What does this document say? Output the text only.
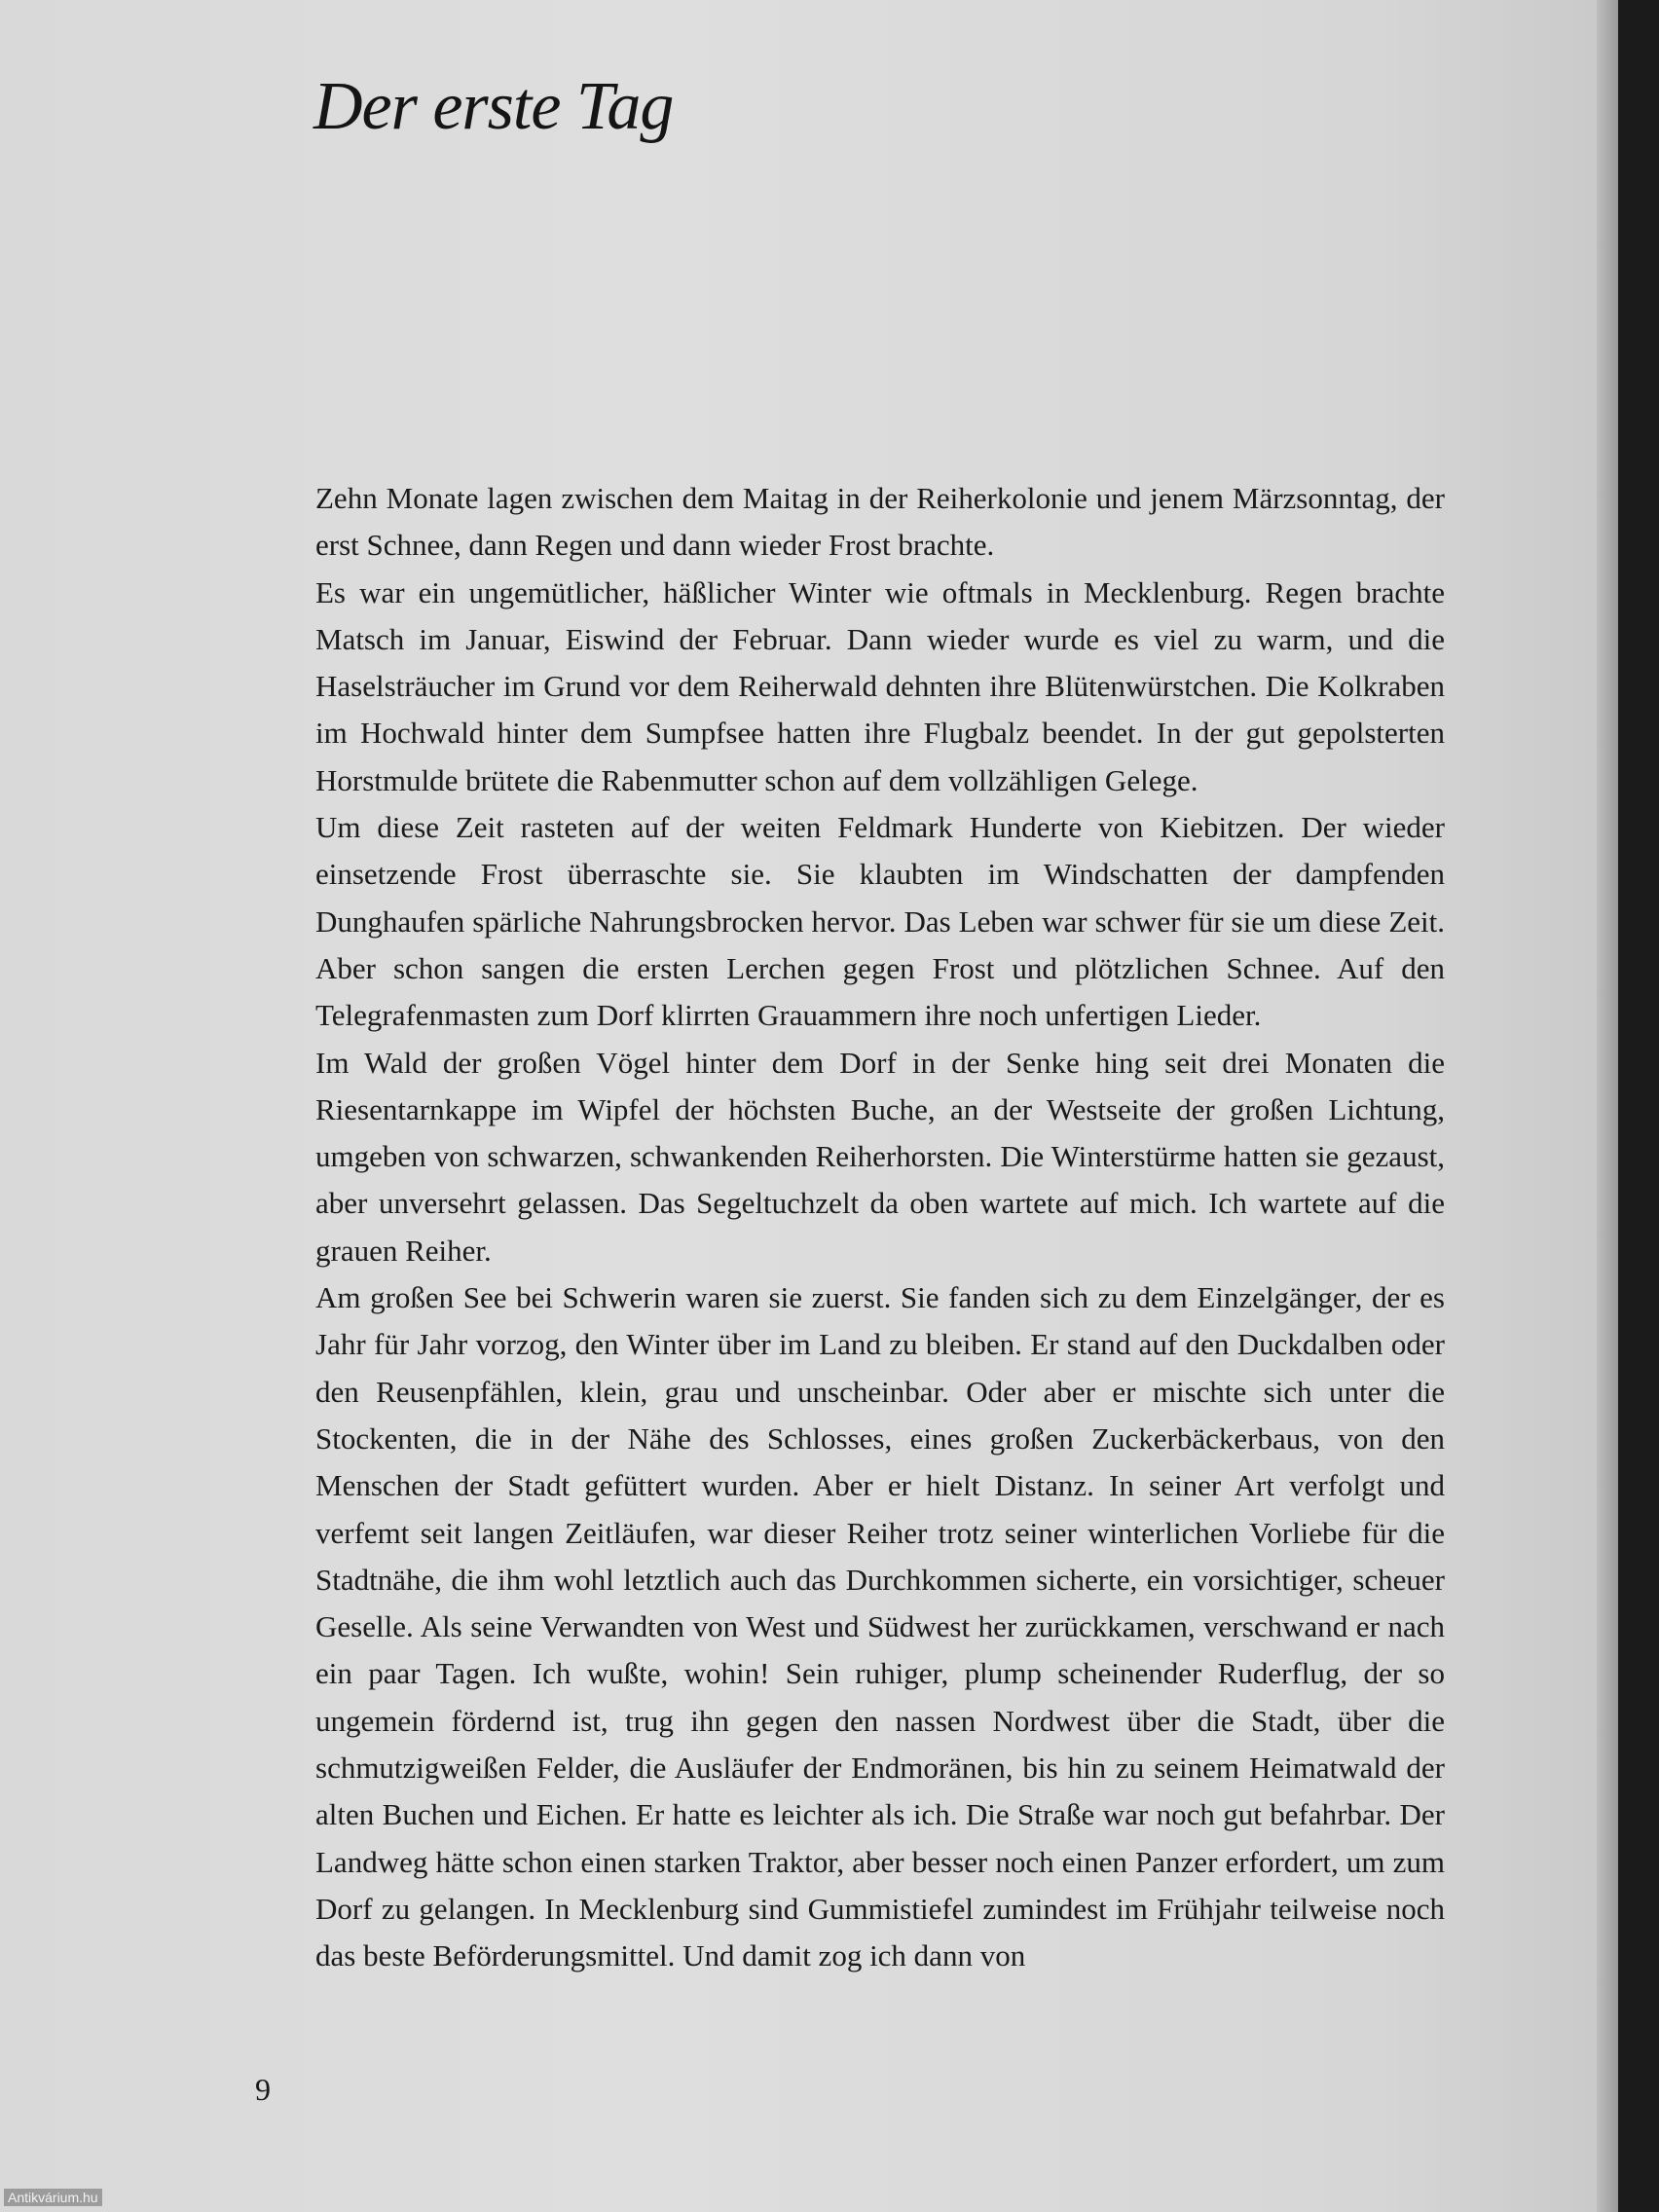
Der erste Tag

Zehn Monate lagen zwischen dem Maitag in der Reiherkolonie und jenem Märzsonntag, der erst Schnee, dann Regen und dann wieder Frost brachte.

Es war ein ungemütlicher, häßlicher Winter wie oftmals in Mecklenburg. Regen brachte Matsch im Januar, Eiswind der Februar. Dann wieder wurde es viel zu warm, und die Haselsträucher im Grund vor dem Reiherwald dehnten ihre Blütenwürstchen. Die Kolkraben im Hochwald hinter dem Sumpfsee hatten ihre Flugbalz beendet. In der gut gepolsterten Horstmulde brütete die Rabenmutter schon auf dem vollzähligen Gelege.

Um diese Zeit rasteten auf der weiten Feldmark Hunderte von Kiebitzen. Der wieder einsetzende Frost überraschte sie. Sie klaubten im Windschatten der dampfenden Dunghaufen spärliche Nahrungsbrocken hervor. Das Leben war schwer für sie um diese Zeit. Aber schon sangen die ersten Lerchen gegen Frost und plötzlichen Schnee. Auf den Telegrafenmasten zum Dorf klirrten Grauammern ihre noch unfertigen Lieder.

Im Wald der großen Vögel hinter dem Dorf in der Senke hing seit drei Monaten die Riesentarnkappe im Wipfel der höchsten Buche, an der Westseite der großen Lichtung, umgeben von schwarzen, schwankenden Reiherhorsten. Die Winterstürme hatten sie gezaust, aber unversehrt gelassen. Das Segeltuchzelt da oben wartete auf mich. Ich wartete auf die grauen Reiher.

Am großen See bei Schwerin waren sie zuerst. Sie fanden sich zu dem Einzelgänger, der es Jahr für Jahr vorzog, den Winter über im Land zu bleiben. Er stand auf den Duckdalben oder den Reusenpfählen, klein, grau und unscheinbar. Oder aber er mischte sich unter die Stockenten, die in der Nähe des Schlosses, eines großen Zuckerbäckerbaus, von den Menschen der Stadt gefüttert wurden. Aber er hielt Distanz. In seiner Art verfolgt und verfemt seit langen Zeitläufen, war dieser Reiher trotz seiner winterlichen Vorliebe für die Stadtnähe, die ihm wohl letztlich auch das Durchkommen sicherte, ein vorsichtiger, scheuer Geselle. Als seine Verwandten von West und Südwest her zurückkamen, verschwand er nach ein paar Tagen. Ich wußte, wohin! Sein ruhiger, plump scheinender Ruderflug, der so ungemein fördernd ist, trug ihn gegen den nassen Nordwest über die Stadt, über die schmutzigweißen Felder, die Ausläufer der Endmoränen, bis hin zu seinem Heimatwald der alten Buchen und Eichen. Er hatte es leichter als ich. Die Straße war noch gut befahrbar. Der Landweg hätte schon einen starken Traktor, aber besser noch einen Panzer erfordert, um zum Dorf zu gelangen. In Mecklenburg sind Gummistiefel zumindest im Frühjahr teilweise noch das beste Beförderungsmittel. Und damit zog ich dann von

9
Antikvárium.hu
